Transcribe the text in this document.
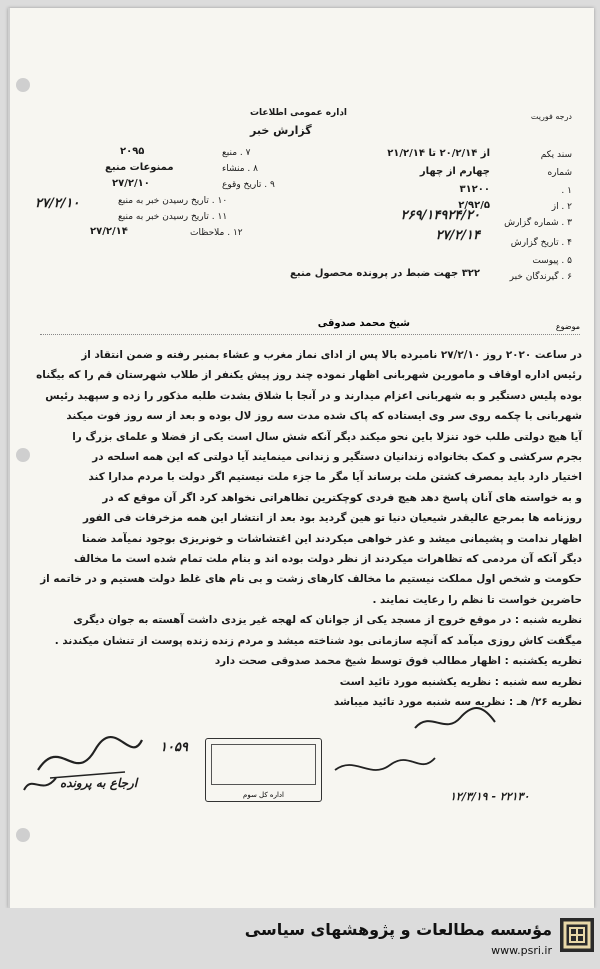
اداره عمومی اطلاعات
گزارش خبر
درجه فوریت
سند یکم
از ۲۰/۲/۱۴ تا ۲۱/۲/۱۴
شماره
چهارم از چهار
۱ .
۳۱۲۰۰
۲ . از
۲/۹۲/۵
۳ . شماره گزارش
۲۶۹/۱۴۹۲۴/۲۰
۴ . تاریخ گزارش
۲۷/۲/۱۴
۵ . پیوست
۶ . گیرندگان خبر
۳۲۲ جهت ضبط در پرونده محصول منبع
۷ . منبع
۲۰۹۵
۸ . منشاء
ممنوعات منبع
۹ . تاریخ وقوع
۲۷/۲/۱۰
۱۰ . تاریخ رسیدن خبر به منبع
۱۱ . تاریخ رسیدن خبر به منبع
۲۷/۲/۱۰
۱۲ . ملاحظات
۲۷/۲/۱۴
موضوع
شیخ محمد صدوقی

در ساعت ۲۰۲۰ روز ۲۷/۲/۱۰ نامبرده بالا پس از ادای نماز مغرب و عشاء بمنبر رفته و ضمن انتقاد از

رئیس اداره اوقاف و مامورین شهربانی اظهار نموده چند روز پیش یکنفر از طلاب شهرستان قم را که بیگناه

بوده پلیس دستگیر و به شهربانی اعزام میدارند و در آنجا با شلاق بشدت طلبه مذکور را زده و سپهبد رئیس

شهربانی با چکمه روی سر وی ایستاده که پاک شده مدت سه روز لال بوده و بعد از سه روز فوت میکند

آیا هیچ دولتی طلب خود تنزلا باین نحو میکند دیگر آنکه شش سال است یکی از فضلا و علمای بزرگ را

بجرم سرکشی و کمک بخانواده زندانیان دستگیر و زندانی مینمایند آیا دولتی که این همه اسلحه در

اختیار دارد باید بمصرف کشتن ملت برساند آیا مگر ما جزء ملت نیستیم اگر دولت با مردم مدارا کند

و به خواسته های آنان پاسخ دهد هیچ فردی کوچکترین تظاهراتی نخواهد کرد اگر آن موقع که در

روزنامه ها بمرجع عالیقدر شیعیان دنیا تو هین گردید بود بعد از انتشار این همه مزخرفات فی الفور

اظهار ندامت و پشیمانی میشد و عذر خواهی میکردند این اغتشاشات و خونریزی بوجود نمیآمد ضمنا

دیگر آنکه آن مردمی که تظاهرات میکردند از نظر دولت بوده اند و بنام ملت تمام شده است ما مخالف

حکومت و شخص اول مملکت نیستیم ما مخالف کارهای زشت و بی نام های غلط دولت هستیم و در خاتمه از

حاضرین خواست تا نظم را رعایت نمایند .

نظریه شنبه : در موقع خروج از مسجد یکی از جوانان که لهجه غیر یزدی داشت آهسته به جوان دیگری

میگفت کاش روزی میآمد که آنچه سازمانی بود شناخته میشد و مردم زنده زنده پوست از تنشان میکندند .

نظریه یکشنبه : اظهار مطالب فوق توسط شیخ محمد صدوقی صحت دارد

نظریه سه شنبه : نظریه یکشنبه مورد تائید است

نظریه ۲۶/ هـ : نظریه سه شنبه مورد تائید میباشد

۱۰۵۹
اداره کل سوم
ارجاع به پرونده
۲۲۱۳۰ - ۱۲/۳/۱۹
مؤسسه مطالعات و پژوهشهای سیاسی
www.psri.ir
